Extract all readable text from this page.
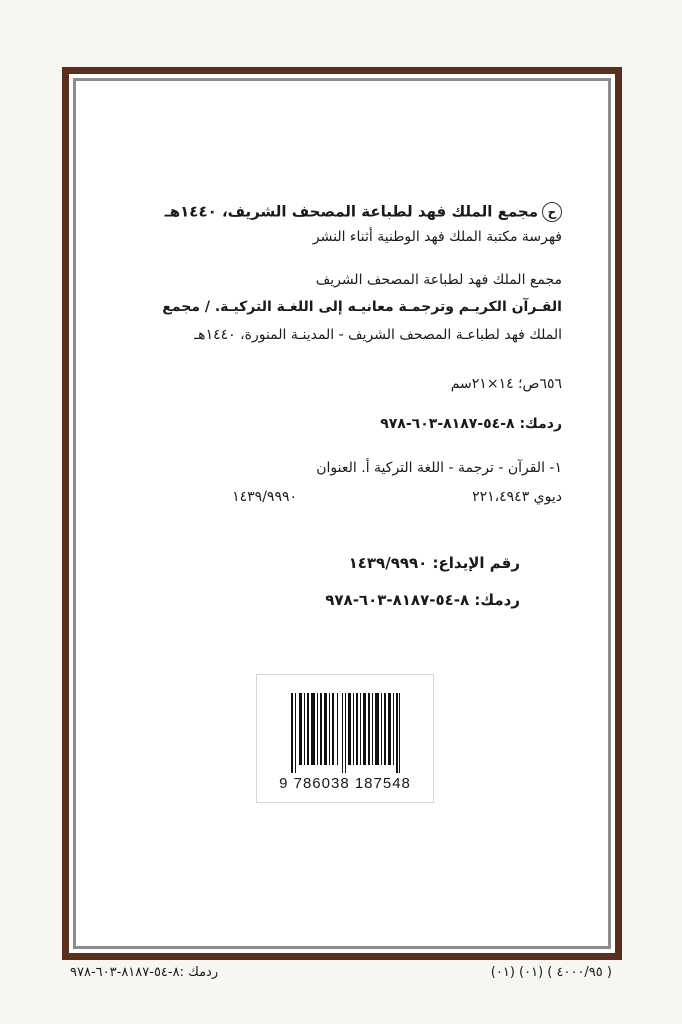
حمجمع الملك فهد لطباعة المصحف الشريف، ١٤٤٠هـ
فهرسة مكتبة الملك فهد الوطنية أثناء النشر
مجمع الملك فهد لطباعة المصحف الشريف
القـرآن الكريـم وترجمـة معانيـه إلى اللغـة التركيـة. / مجمع
الملك فهد لطباعـة المصحف الشريف - المدينـة المنورة، ١٤٤٠هـ
٦٥٦ص؛ ١٤×٢١سم
ردمك: ٨-٥٤-٨١٨٧-٦٠٣-٩٧٨
١- القرآن - ترجمة - اللغة التركية أ. العنوان
ديوي ٢٢١،٤٩٤٣
١٤٣٩/٩٩٩٠
رقم الإيداع: ١٤٣٩/٩٩٩٠
ردمك: ٨-٥٤-٨١٨٧-٦٠٣-٩٧٨
9 786038 187548
ردمك :٨-٥٤-٨١٨٧-٦٠٣-٩٧٨	( ٤٠٠٠/٩٥ ) (٠١) (٠١)
